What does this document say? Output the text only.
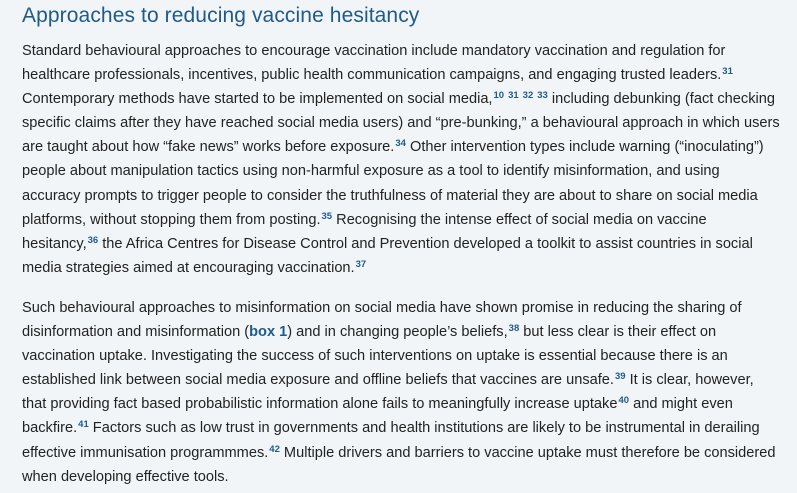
Approaches to reducing vaccine hesitancy

Standard behavioural approaches to encourage vaccination include mandatory vaccination and regulation for healthcare professionals, incentives, public health communication campaigns, and engaging trusted leaders.$^{31}$ Contemporary methods have started to be implemented on social media,$^{10}$ $^{31}$ $^{32}$ $^{33}$ including debunking (fact checking specific claims after they have reached social media users) and “pre-bunking,” a behavioural approach in which users are taught about how “fake news” works before exposure.$^{34}$ Other intervention types include warning (“inoculating”) people about manipulation tactics using non-harmful exposure as a tool to identify misinformation, and using accuracy prompts to trigger people to consider the truthfulness of material they are about to share on social media platforms, without stopping them from posting.$^{35}$ Recognising the intense effect of social media on vaccine hesitancy,$^{36}$ the Africa Centres for Disease Control and Prevention developed a toolkit to assist countries in social media strategies aimed at encouraging vaccination.$^{37}$

Such behavioural approaches to misinformation on social media have shown promise in reducing the sharing of disinformation and misinformation (box 1) and in changing people’s beliefs,$^{38}$ but less clear is their effect on vaccination uptake. Investigating the success of such interventions on uptake is essential because there is an established link between social media exposure and offline beliefs that vaccines are unsafe.$^{39}$ It is clear, however, that providing fact based probabilistic information alone fails to meaningfully increase uptake$^{40}$ and might even backfire.$^{41}$ Factors such as low trust in governments and health institutions are likely to be instrumental in derailing effective immunisation programmmes.$^{42}$ Multiple drivers and barriers to vaccine uptake must therefore be considered when developing effective tools.
